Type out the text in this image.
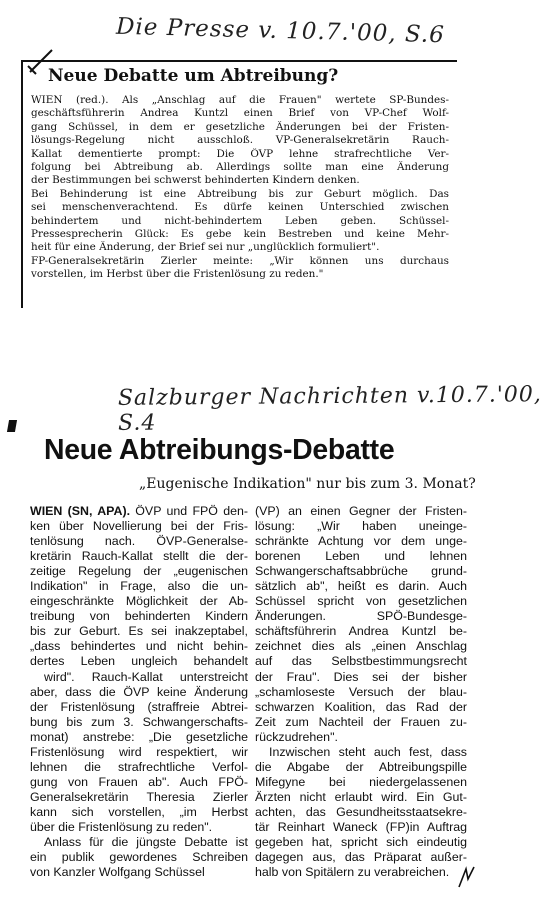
Die Presse v. 10.7.'00, S.6
Neue Debatte um Abtreibung?

WIEN (red.). Als „Anschlag auf die Frauen" wertete SP-Bundes-
geschäftsführerin Andrea Kuntzl einen Brief von VP-Chef Wolf-
gang Schüssel, in dem er gesetzliche Änderungen bei der Fristen-
lösungs-Regelung nicht ausschloß. VP-Generalsekretärin Rauch-
Kallat dementierte prompt: Die ÖVP lehne strafrechtliche Ver-
folgung bei Abtreibung ab. Allerdings sollte man eine Änderung
der Bestimmungen bei schwerst behinderten Kindern denken.
Bei Behinderung ist eine Abtreibung bis zur Geburt möglich. Das
sei menschenverachtend. Es dürfe keinen Unterschied zwischen
behindertem und nicht-behindertem Leben geben. Schüssel-
Pressesprecherin Glück: Es gebe kein Bestreben und keine Mehr-
heit für eine Änderung, der Brief sei nur „unglücklich formuliert".
FP-Generalsekretärin Zierler meinte: „Wir können uns durchaus
vorstellen, im Herbst über die Fristenlösung zu reden."

Salzburger Nachrichten v.10.7.'00, S.4
Neue Abtreibungs-Debatte
„Eugenische Indikation" nur bis zum 3. Monat?
WIEN (SN, APA). ÖVP und FPÖ den-
ken über Novellierung bei der Fris-
tenlösung nach. ÖVP-Generalse-
kretärin Rauch-Kallat stellt die der-
zeitige Regelung der „eugenischen
Indikation" in Frage, also die un-
eingeschränkte Möglichkeit der Ab-
treibung von behinderten Kindern
bis zur Geburt. Es sei inakzeptabel,
„dass behindertes und nicht behin-
dertes Leben ungleich behandelt
wird". Rauch-Kallat unterstreicht
aber, dass die ÖVP keine Änderung
der Fristenlösung (straffreie Abtrei-
bung bis zum 3. Schwangerschafts-
monat) anstrebe: „Die gesetzliche
Fristenlösung wird respektiert, wir
lehnen die strafrechtliche Verfol-
gung von Frauen ab". Auch FPÖ-
Generalsekretärin Theresia Zierler
kann sich vorstellen, „im Herbst
über die Fristenlösung zu reden".
Anlass für die jüngste Debatte ist
ein publik gewordenes Schreiben
von Kanzler Wolfgang Schüssel
(VP) an einen Gegner der Fristen-
lösung: „Wir haben uneinge-
schränkte Achtung vor dem unge-
borenen Leben und lehnen
Schwangerschaftsabbrüche grund-
sätzlich ab", heißt es darin. Auch
Schüssel spricht von gesetzlichen
Änderungen. SPÖ-Bundesge-
schäftsführerin Andrea Kuntzl be-
zeichnet dies als „einen Anschlag
auf das Selbstbestimmungsrecht
der Frau". Dies sei der bisher
„schamloseste Versuch der blau-
schwarzen Koalition, das Rad der
Zeit zum Nachteil der Frauen zu-
rückzudrehen".
Inzwischen steht auch fest, dass
die Abgabe der Abtreibungspille
Mifegyne bei niedergelassenen
Ärzten nicht erlaubt wird. Ein Gut-
achten, das Gesundheitsstaatsekre-
tär Reinhart Waneck (FP)in Auftrag
gegeben hat, spricht sich eindeutig
dagegen aus, das Präparat außer-
halb von Spitälern zu verabreichen.
